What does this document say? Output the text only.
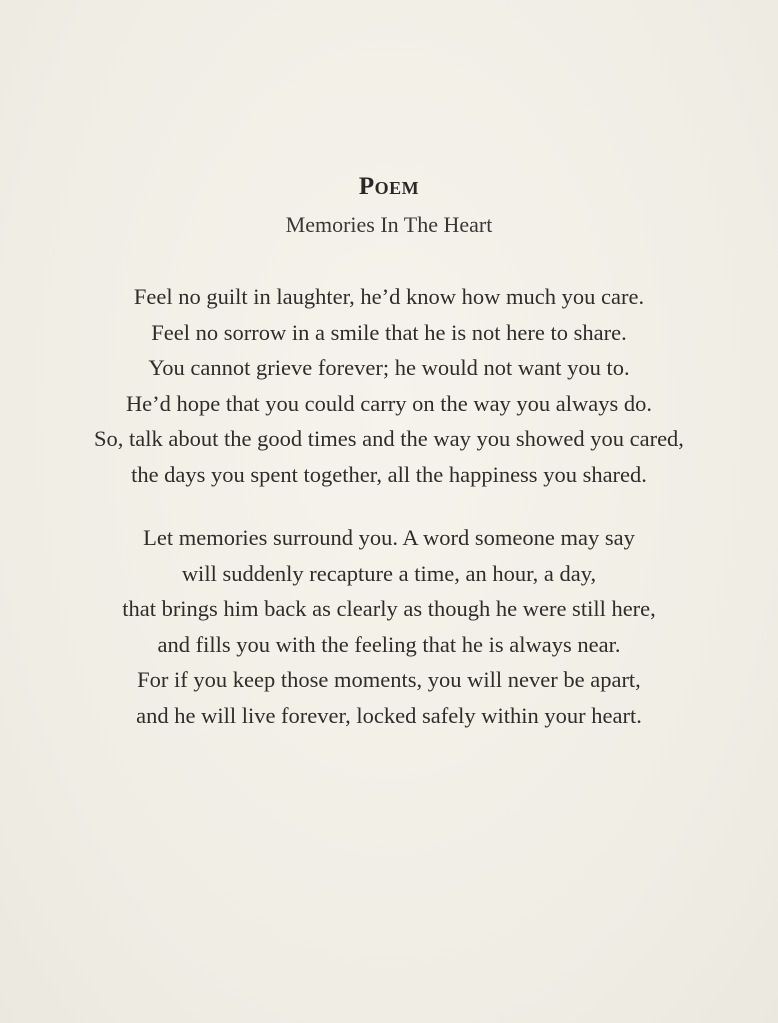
Poem
Memories In The Heart
Feel no guilt in laughter, he’d know how much you care.
Feel no sorrow in a smile that he is not here to share.
You cannot grieve forever; he would not want you to.
He’d hope that you could carry on the way you always do.
So, talk about the good times and the way you showed you cared,
the days you spent together, all the happiness you shared.
Let memories surround you. A word someone may say
will suddenly recapture a time, an hour, a day,
that brings him back as clearly as though he were still here,
and fills you with the feeling that he is always near.
For if you keep those moments, you will never be apart,
and he will live forever, locked safely within your heart.
